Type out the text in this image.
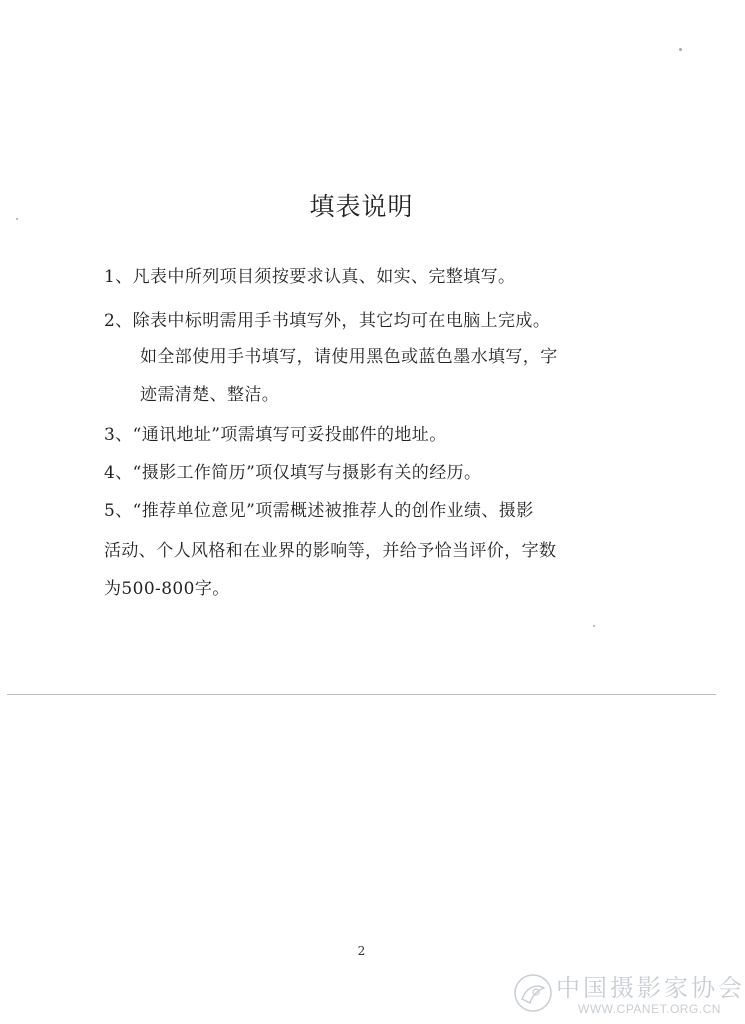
填表说明
1、凡表中所列项目须按要求认真、如实、完整填写。
2、除表中标明需用手书填写外，其它均可在电脑上完成。
如全部使用手书填写，请使用黑色或蓝色墨水填写，字
迹需清楚、整洁。
3、“通讯地址”项需填写可妥投邮件的地址。
4、“摄影工作简历”项仅填写与摄影有关的经历。
5、“推荐单位意见”项需概述被推荐人的创作业绩、摄影
活动、个人风格和在业界的影响等，并给予恰当评价，字数
为500-800字。
2
中国摄影家协会
WWW.CPANET.ORG.CN
